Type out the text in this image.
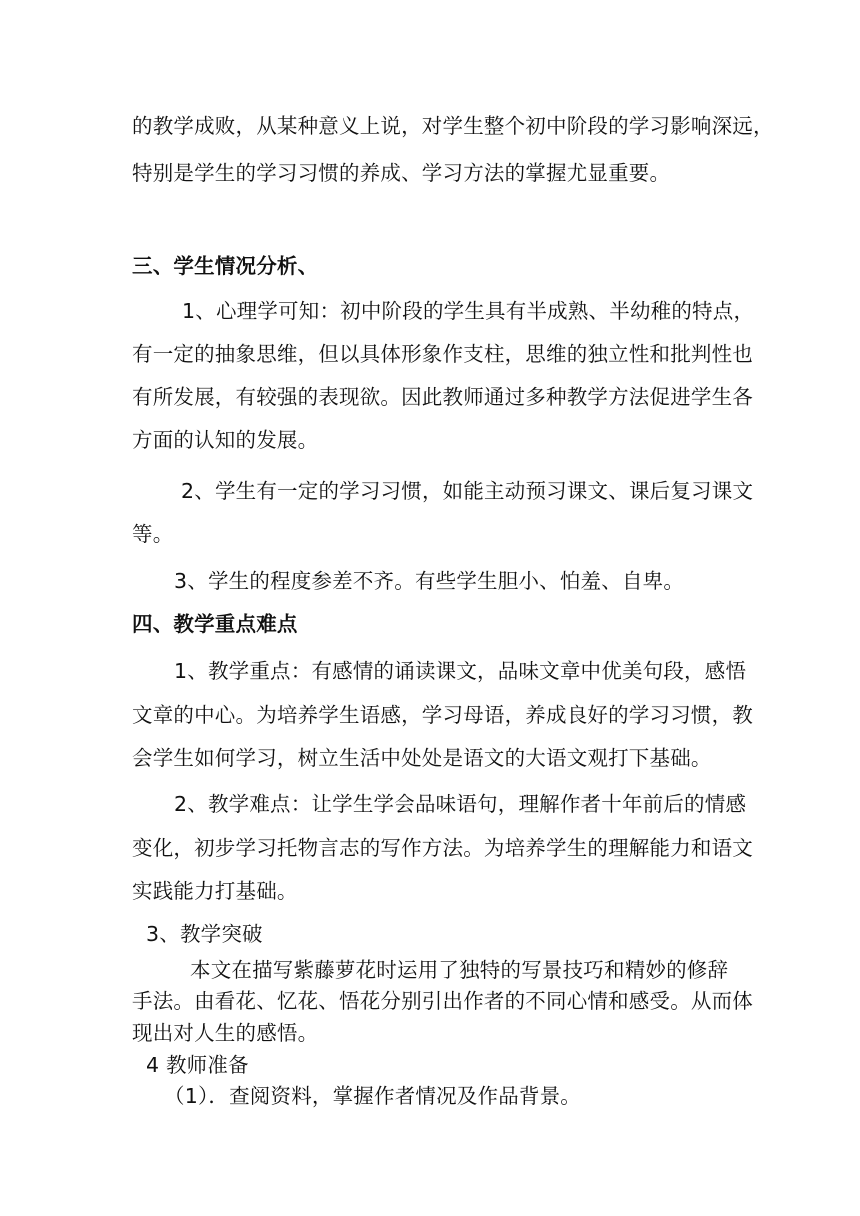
的教学成败，从某种意义上说，对学生整个初中阶段的学习影响深远，
特别是学生的学习习惯的养成、学习方法的掌握尤显重要。
三、学生情况分析、
1、心理学可知：初中阶段的学生具有半成熟、半幼稚的特点，
有一定的抽象思维，但以具体形象作支柱，思维的独立性和批判性也
有所发展，有较强的表现欲。因此教师通过多种教学方法促进学生各
方面的认知的发展。
2、学生有一定的学习习惯，如能主动预习课文、课后复习课文
等。
3、学生的程度参差不齐。有些学生胆小、怕羞、自卑。
四、教学重点难点
1、教学重点：有感情的诵读课文，品味文章中优美句段，感悟
文章的中心。为培养学生语感，学习母语，养成良好的学习习惯，教
会学生如何学习，树立生活中处处是语文的大语文观打下基础。
2、教学难点：让学生学会品味语句，理解作者十年前后的情感
变化，初步学习托物言志的写作方法。为培养学生的理解能力和语文
实践能力打基础。
3、教学突破
本文在描写紫藤萝花时运用了独特的写景技巧和精妙的修辞
手法。由看花、忆花、悟花分别引出作者的不同心情和感受。从而体
现出对人生的感悟。
4 教师准备
（1）．查阅资料，掌握作者情况及作品背景。
